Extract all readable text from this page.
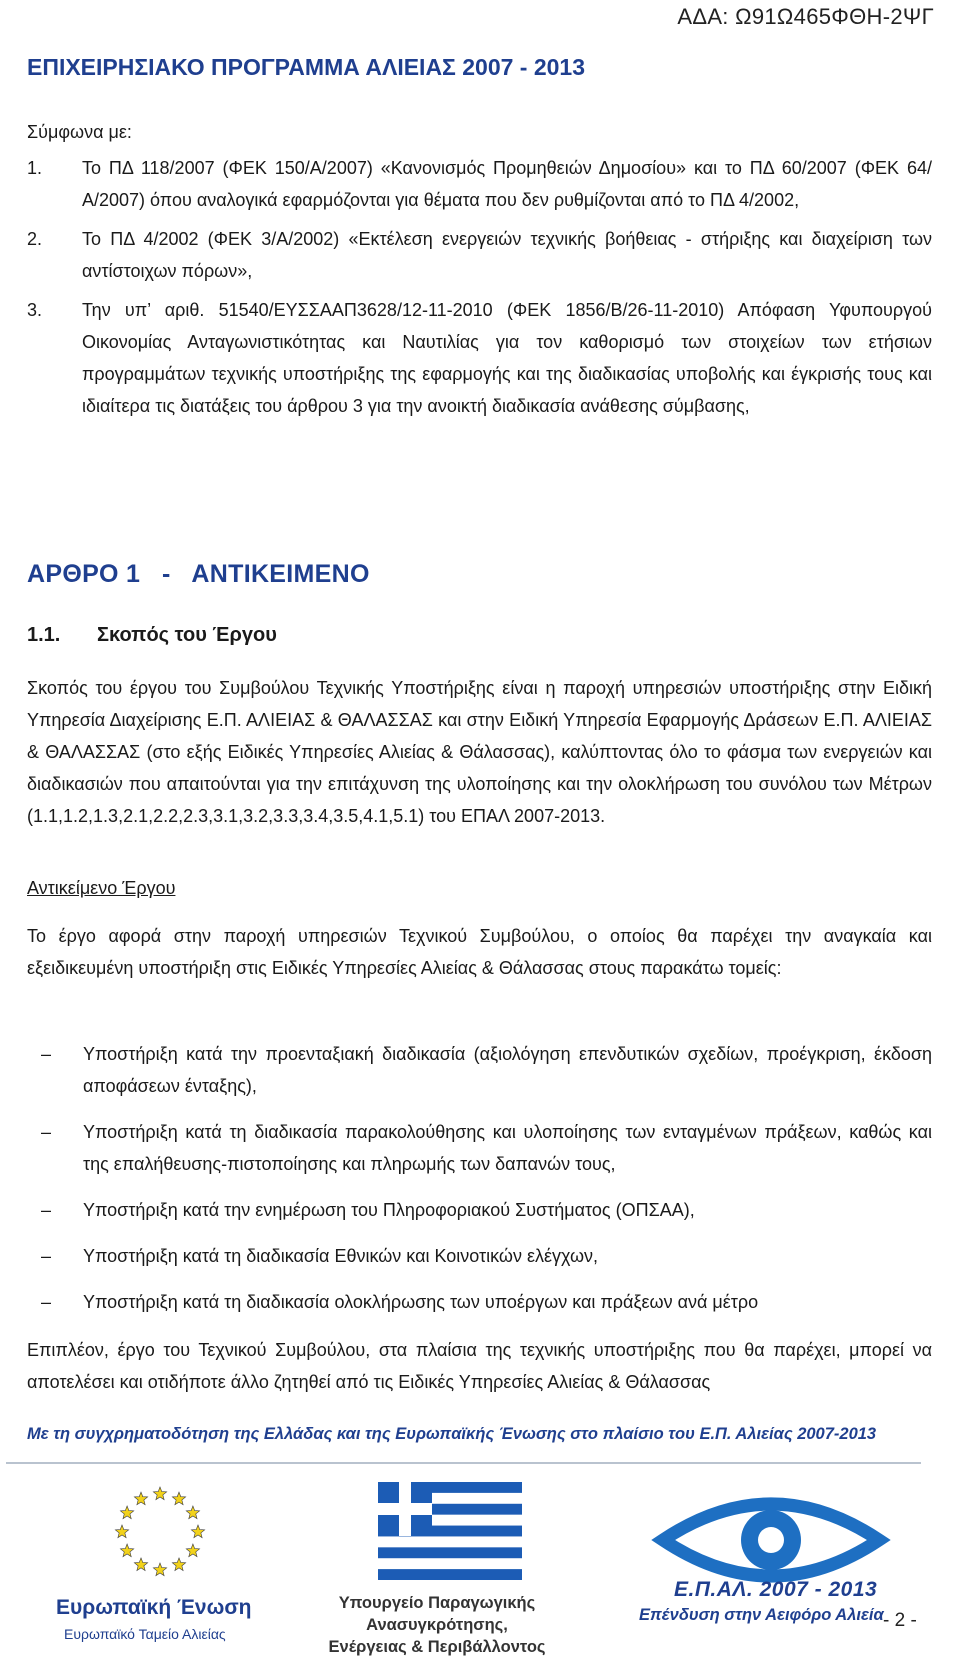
ΑΔΑ: Ω91Ω465ΦΘΗ-2ΨΓ
ΕΠΙΧΕΙΡΗΣΙΑΚΟ ΠΡΟΓΡΑΜΜΑ ΑΛΙΕΙΑΣ 2007 - 2013
Σύμφωνα με:
1.	Το ΠΔ 118/2007 (ΦΕΚ 150/Α/2007) «Κανονισμός Προμηθειών Δημοσίου» και το ΠΔ 60/2007 (ΦΕΚ 64/Α/2007) όπου αναλογικά εφαρμόζονται για θέματα που δεν ρυθμίζονται από το ΠΔ 4/2002,
2.	Το ΠΔ 4/2002 (ΦΕΚ 3/Α/2002) «Εκτέλεση ενεργειών τεχνικής βοήθειας - στήριξης και διαχείριση των αντίστοιχων πόρων»,
3.	Την υπ’ αριθ. 51540/ΕΥΣΣΑΑΠ3628/12-11-2010 (ΦΕΚ 1856/Β/26-11-2010) Απόφαση Υφυπουργού Οικονομίας Ανταγωνιστικότητας και Ναυτιλίας για τον καθορισμό των στοιχείων των ετήσιων προγραμμάτων τεχνικής υποστήριξης της εφαρμογής και της διαδικασίας υποβολής και έγκρισής τους και ιδιαίτερα τις διατάξεις του άρθρου 3 για την ανοικτή διαδικασία ανάθεσης σύμβασης,
ΑΡΘΡΟ 1   -   ΑΝΤΙΚΕΙΜΕΝΟ
1.1.	Σκοπός του Έργου
Σκοπός του έργου του Συμβούλου Τεχνικής Υποστήριξης είναι η παροχή υπηρεσιών υποστήριξης στην Ειδική Υπηρεσία Διαχείρισης Ε.Π. ΑΛΙΕΙΑΣ & ΘΑΛΑΣΣΑΣ και στην Ειδική Υπηρεσία Εφαρμογής Δράσεων Ε.Π. ΑΛΙΕΙΑΣ & ΘΑΛΑΣΣΑΣ (στο εξής Ειδικές Υπηρεσίες Αλιείας & Θάλασσας), καλύπτοντας όλο το φάσμα των ενεργειών και διαδικασιών που απαιτούνται για την επιτάχυνση της υλοποίησης και την ολοκλήρωση του συνόλου των Μέτρων (1.1,1.2,1.3,2.1,2.2,2.3,3.1,3.2,3.3,3.4,3.5,4.1,5.1) του ΕΠΑΛ 2007-2013.
Αντικείμενο Έργου
Το έργο αφορά στην παροχή υπηρεσιών Τεχνικού Συμβούλου, ο οποίος θα παρέχει την αναγκαία και εξειδικευμένη υποστήριξη στις Ειδικές Υπηρεσίες Αλιείας & Θάλασσας στους παρακάτω τομείς:
–	Υποστήριξη κατά την προενταξιακή διαδικασία (αξιολόγηση επενδυτικών σχεδίων, προέγκριση, έκδοση αποφάσεων ένταξης),
–	Υποστήριξη κατά τη διαδικασία παρακολούθησης και υλοποίησης των ενταγμένων πράξεων, καθώς και της επαλήθευσης-πιστοποίησης και πληρωμής των δαπανών τους,
–	Υποστήριξη κατά την ενημέρωση του Πληροφοριακού Συστήματος (ΟΠΣΑΑ),
–	Υποστήριξη κατά τη διαδικασία Εθνικών και Κοινοτικών ελέγχων,
–	Υποστήριξη κατά τη διαδικασία ολοκλήρωσης των υποέργων και πράξεων ανά μέτρο
Επιπλέον, έργο του Τεχνικού Συμβούλου, στα πλαίσια της τεχνικής υποστήριξης που θα παρέχει, μπορεί να αποτελέσει και οτιδήποτε άλλο ζητηθεί από τις Ειδικές Υπηρεσίες Αλιείας & Θάλασσας
Με τη συγχρηματοδότηση της Ελλάδας και της Ευρωπαϊκής Ένωσης στο πλαίσιο του Ε.Π. Αλιείας 2007-2013
Ευρωπαϊκή Ένωση
Ευρωπαϊκό Ταμείο Αλιείας
Υπουργείο Παραγωγικής Ανασυγκρότησης,
Ενέργειας & Περιβάλλοντος
Ε.Π.ΑΛ. 2007 - 2013
Επένδυση στην Αειφόρο Αλιεία - 2 -
